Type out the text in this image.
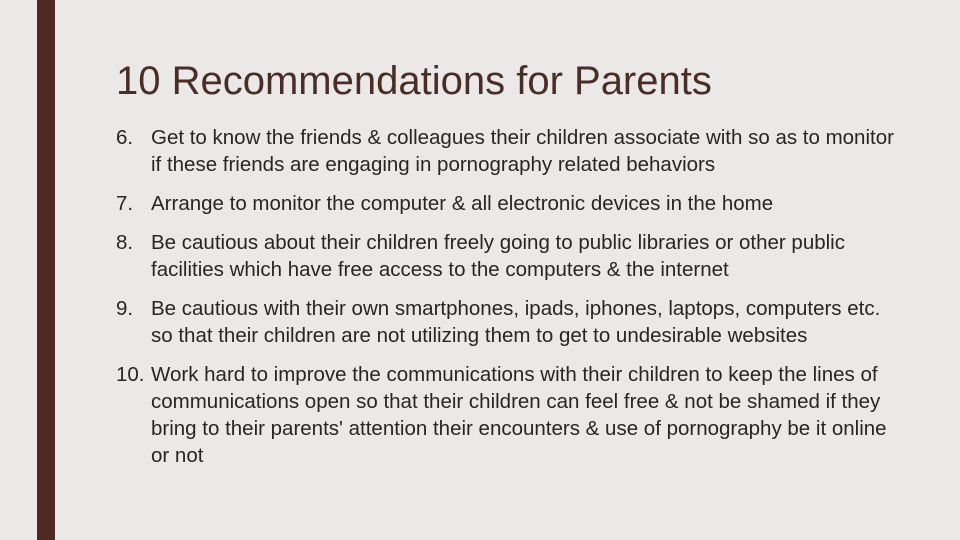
10 Recommendations for Parents
6. Get to know the friends & colleagues their children associate with so as to monitor if these friends are engaging in pornography related behaviors
7. Arrange to monitor the computer & all electronic devices in the home
8. Be cautious about their children freely going to public libraries or other public facilities which have free access to the computers & the internet
9. Be cautious with their own smartphones, ipads, iphones, laptops, computers etc. so that their children are not utilizing them to get to undesirable websites
10. Work hard to improve the communications with their children to keep the lines of communications open so that their children can feel free & not be shamed if they bring to their parents' attention their encounters & use of pornography be it online or not
